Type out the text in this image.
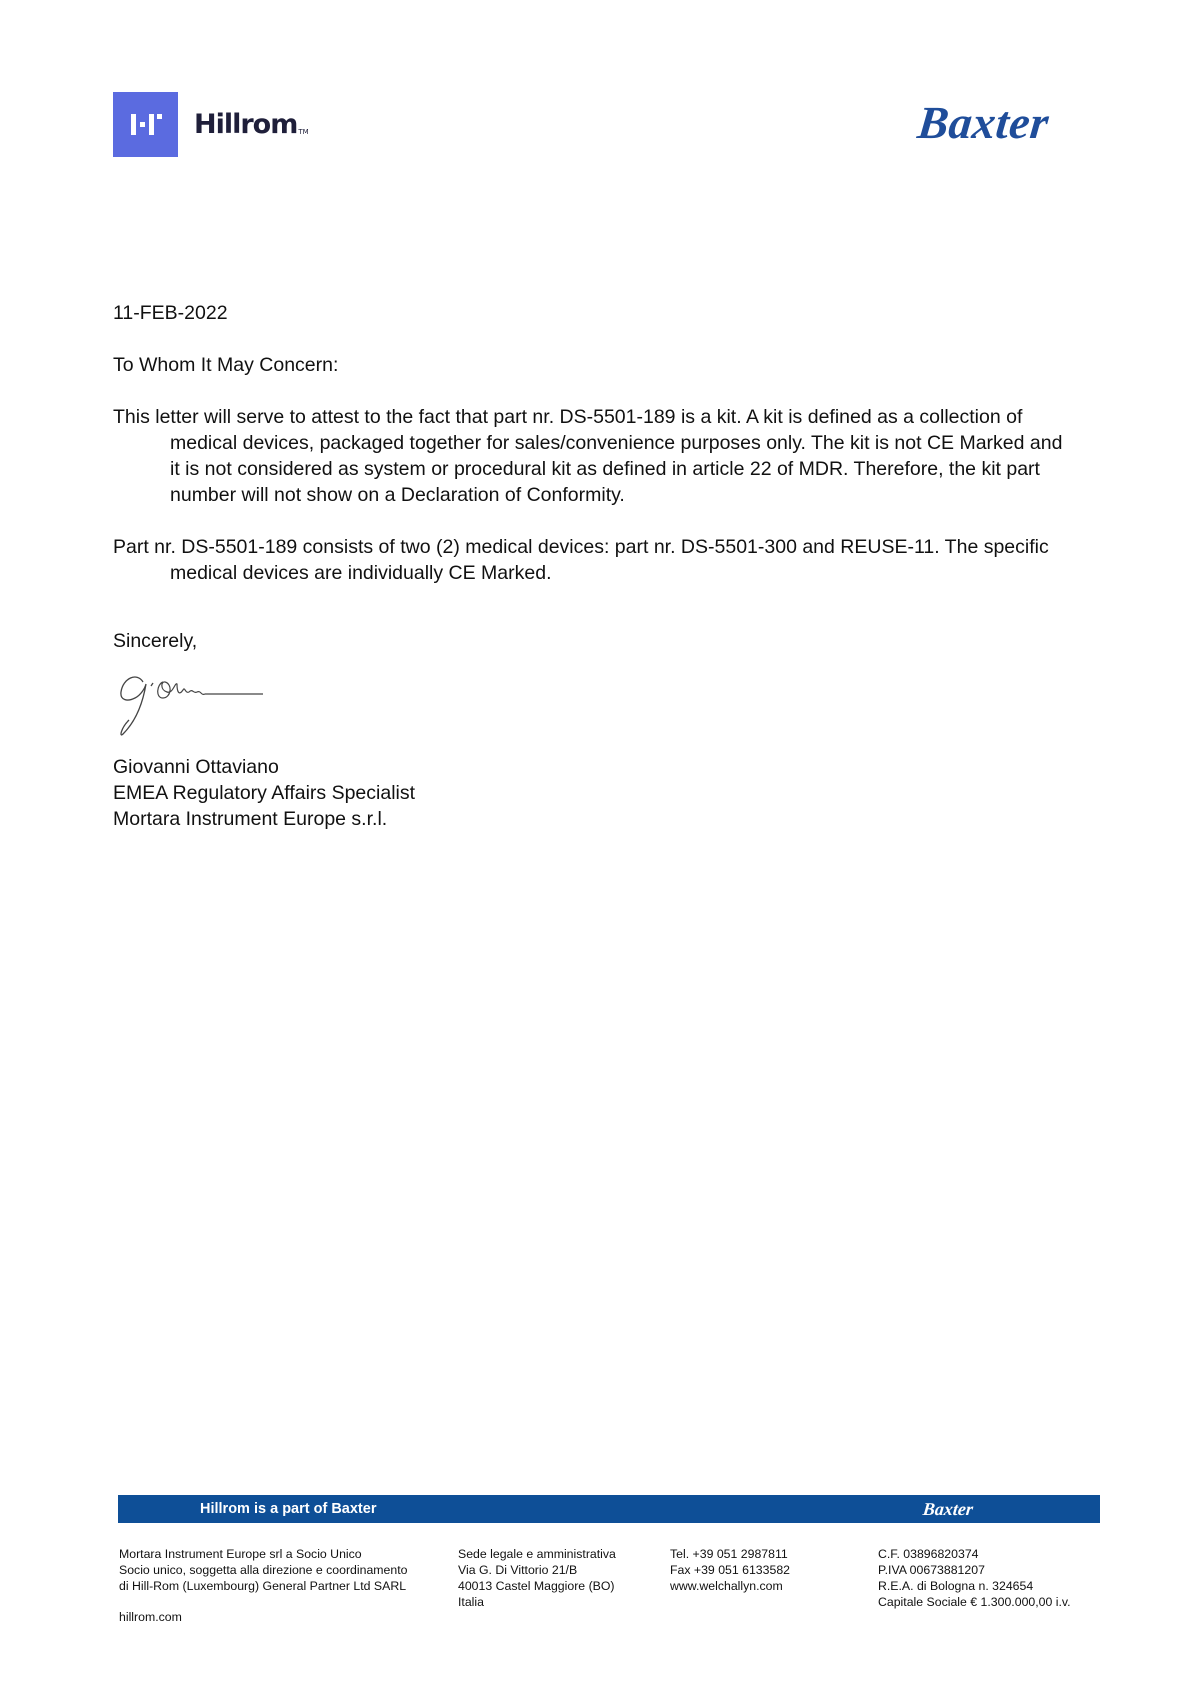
HillromTM	Baxter

11-FEB-2022

To Whom It May Concern:

This letter will serve to attest to the fact that part nr. DS-5501-189 is a kit. A kit is defined as a collection of medical devices, packaged together for sales/convenience purposes only. The kit is not CE Marked and it is not considered as system or procedural kit as defined in article 22 of MDR. Therefore, the kit part number will not show on a Declaration of Conformity.

Part nr. DS-5501-189 consists of two (2) medical devices: part nr. DS-5501-300 and REUSE-11. The specific medical devices are individually CE Marked.

Sincerely,

Giovanni Ottaviano

EMEA Regulatory Affairs Specialist

Mortara Instrument Europe s.r.l.

Hillrom is a part of Baxter	Baxter
Mortara Instrument Europe srl a Socio Unico
Socio unico, soggetta alla direzione e coordinamento
di Hill-Rom (Luxembourg) General Partner Ltd SARL
Sede legale e amministrativa
Via G. Di Vittorio 21/B
40013 Castel Maggiore (BO)
Italia
Tel. +39 051 2987811
Fax +39 051 6133582
www.welchallyn.com
C.F. 03896820374
P.IVA 00673881207
R.E.A. di Bologna n. 324654
Capitale Sociale € 1.300.000,00 i.v.
hillrom.com
